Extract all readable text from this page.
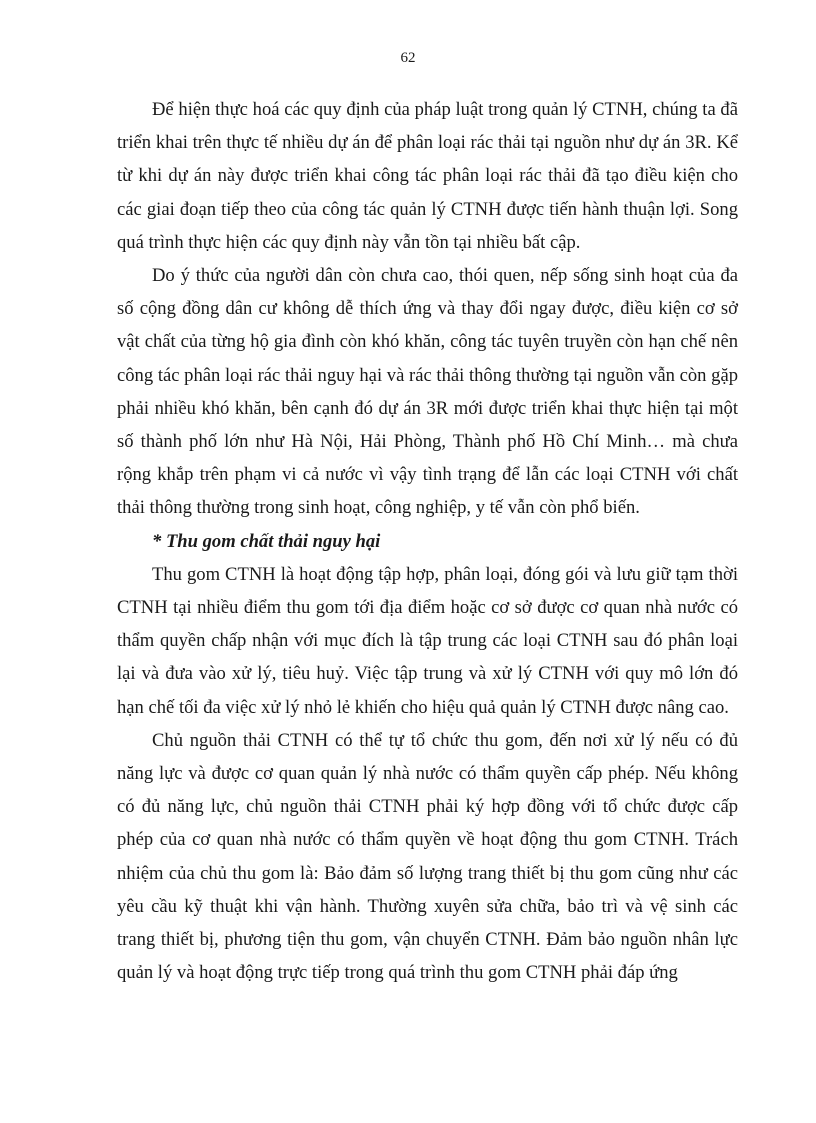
62

Để hiện thực hoá các quy định của pháp luật trong quản lý CTNH, chúng ta đã triển khai trên thực tế nhiều dự án để phân loại rác thải tại nguồn như dự án 3R. Kể từ khi dự án này được triển khai công tác phân loại rác thải đã tạo điều kiện cho các giai đoạn tiếp theo của công tác quản lý CTNH được tiến hành thuận lợi. Song quá trình thực hiện các quy định này vẫn tồn tại nhiều bất cập.

Do ý thức của người dân còn chưa cao, thói quen, nếp sống sinh hoạt của đa số cộng đồng dân cư không dễ thích ứng và thay đổi ngay được, điều kiện cơ sở vật chất của từng hộ gia đình còn khó khăn, công tác tuyên truyền còn hạn chế nên công tác phân loại rác thải nguy hại và rác thải thông thường tại nguồn vẫn còn gặp phải nhiều khó khăn, bên cạnh đó dự án 3R mới được triển khai thực hiện tại một số thành phố lớn như Hà Nội, Hải Phòng, Thành phố Hồ Chí Minh… mà chưa rộng khắp trên phạm vi cả nước vì vậy tình trạng để lẫn các loại CTNH với chất thải thông thường trong sinh hoạt, công nghiệp, y tế vẫn còn phổ biến.

* Thu gom chất thải nguy hại

Thu gom CTNH là hoạt động tập hợp, phân loại, đóng gói và lưu giữ tạm thời CTNH tại nhiều điểm thu gom tới địa điểm hoặc cơ sở được cơ quan nhà nước có thẩm quyền chấp nhận với mục đích là tập trung các loại CTNH sau đó phân loại lại và đưa vào xử lý, tiêu huỷ. Việc tập trung và xử lý CTNH với quy mô lớn đó hạn chế tối đa việc xử lý nhỏ lẻ khiến cho hiệu quả quản lý CTNH được nâng cao.

Chủ nguồn thải CTNH có thể tự tổ chức thu gom, đến nơi xử lý nếu có đủ năng lực và được cơ quan quản lý nhà nước có thẩm quyền cấp phép. Nếu không có đủ năng lực, chủ nguồn thải CTNH phải ký hợp đồng với tổ chức được cấp phép của cơ quan nhà nước có thẩm quyền về hoạt động thu gom CTNH. Trách nhiệm của chủ thu gom là: Bảo đảm số lượng trang thiết bị thu gom cũng như các yêu cầu kỹ thuật khi vận hành. Thường xuyên sửa chữa, bảo trì và vệ sinh các trang thiết bị, phương tiện thu gom, vận chuyển CTNH. Đảm bảo nguồn nhân lực quản lý và hoạt động trực tiếp trong quá trình thu gom CTNH phải đáp ứng
